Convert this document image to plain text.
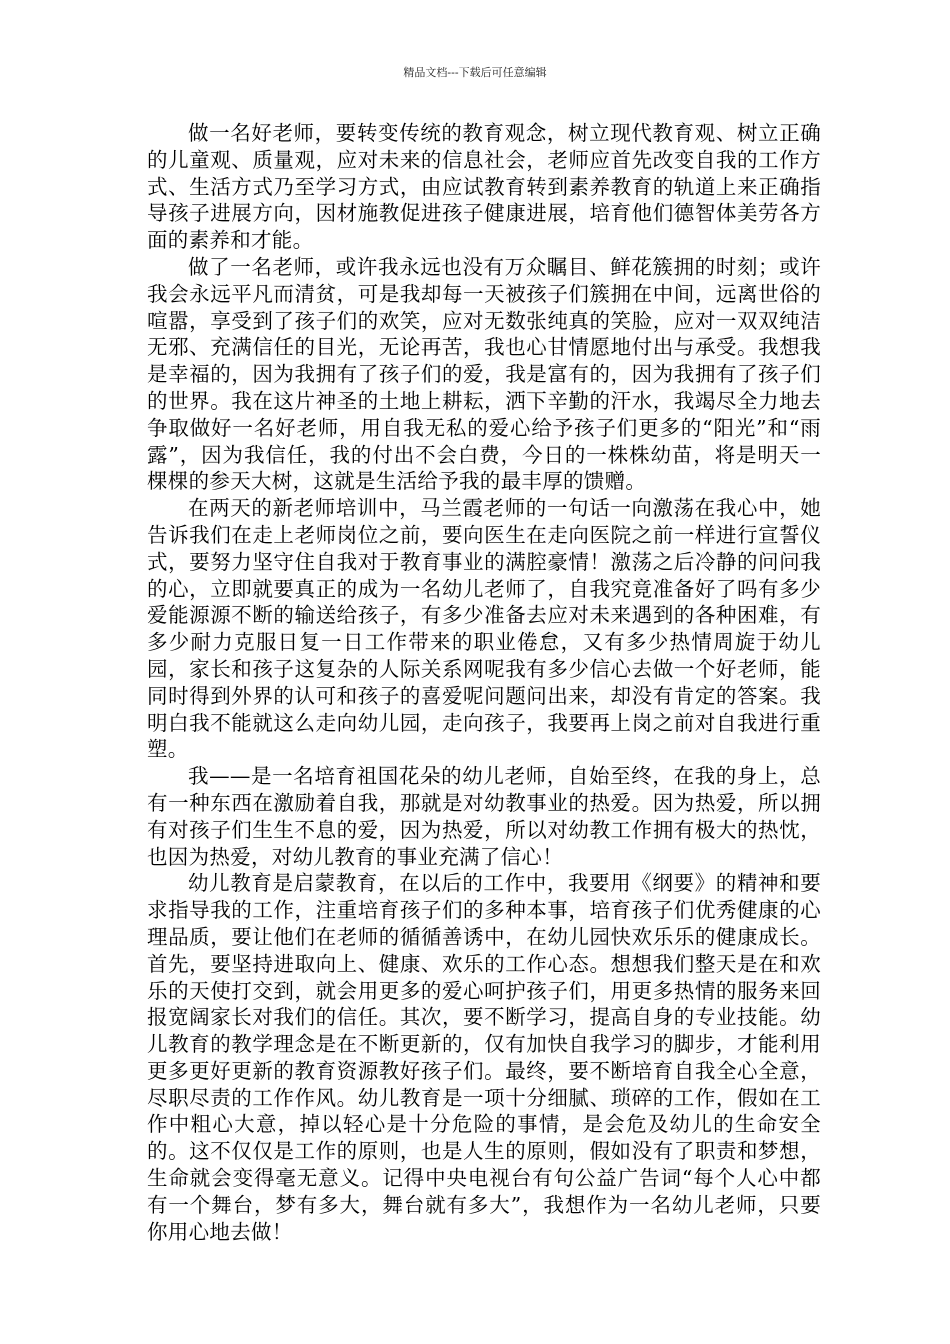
精品文档---下载后可任意编辑

做一名好老师，要转变传统的教育观念，树立现代教育观、树立正确的儿童观、质量观，应对未来的信息社会，老师应首先改变自我的工作方式、生活方式乃至学习方式，由应试教育转到素养教育的轨道上来正确指导孩子进展方向，因材施教促进孩子健康进展，培育他们德智体美劳各方面的素养和才能。

做了一名老师，或许我永远也没有万众瞩目、鲜花簇拥的时刻；或许我会永远平凡而清贫，可是我却每一天被孩子们簇拥在中间，远离世俗的喧嚣，享受到了孩子们的欢笑，应对无数张纯真的笑脸，应对一双双纯洁无邪、充满信任的目光，无论再苦，我也心甘情愿地付出与承受。我想我是幸福的，因为我拥有了孩子们的爱，我是富有的，因为我拥有了孩子们的世界。我在这片神圣的土地上耕耘，洒下辛勤的汗水，我竭尽全力地去争取做好一名好老师，用自我无私的爱心给予孩子们更多的“阳光”和“雨露”，因为我信任，我的付出不会白费，今日的一株株幼苗，将是明天一棵棵的参天大树，这就是生活给予我的最丰厚的馈赠。

在两天的新老师培训中，马兰霞老师的一句话一向激荡在我心中，她告诉我们在走上老师岗位之前，要向医生在走向医院之前一样进行宣誓仪式，要努力坚守住自我对于教育事业的满腔豪情！激荡之后冷静的问问我的心，立即就要真正的成为一名幼儿老师了，自我究竟准备好了吗有多少爱能源源不断的输送给孩子，有多少准备去应对未来遇到的各种困难，有多少耐力克服日复一日工作带来的职业倦怠，又有多少热情周旋于幼儿园，家长和孩子这复杂的人际关系网呢我有多少信心去做一个好老师，能同时得到外界的认可和孩子的喜爱呢问题问出来，却没有肯定的答案。我明白我不能就这么走向幼儿园，走向孩子，我要再上岗之前对自我进行重塑。

我——是一名培育祖国花朵的幼儿老师，自始至终，在我的身上，总有一种东西在激励着自我，那就是对幼教事业的热爱。因为热爱，所以拥有对孩子们生生不息的爱，因为热爱，所以对幼教工作拥有极大的热忱，也因为热爱，对幼儿教育的事业充满了信心！

幼儿教育是启蒙教育，在以后的工作中，我要用《纲要》的精神和要求指导我的工作，注重培育孩子们的多种本事，培育孩子们优秀健康的心理品质，要让他们在老师的循循善诱中，在幼儿园快欢乐乐的健康成长。首先，要坚持进取向上、健康、欢乐的工作心态。想想我们整天是在和欢乐的天使打交到，就会用更多的爱心呵护孩子们，用更多热情的服务来回报宽阔家长对我们的信任。其次，要不断学习，提高自身的专业技能。幼儿教育的教学理念是在不断更新的，仅有加快自我学习的脚步，才能利用更多更好更新的教育资源教好孩子们。最终，要不断培育自我全心全意，尽职尽责的工作作风。幼儿教育是一项十分细腻、琐碎的工作，假如在工作中粗心大意，掉以轻心是十分危险的事情，是会危及幼儿的生命安全的。这不仅仅是工作的原则，也是人生的原则，假如没有了职责和梦想，生命就会变得毫无意义。记得中央电视台有句公益广告词“每个人心中都有一个舞台，梦有多大，舞台就有多大”，我想作为一名幼儿老师，只要你用心地去做！
